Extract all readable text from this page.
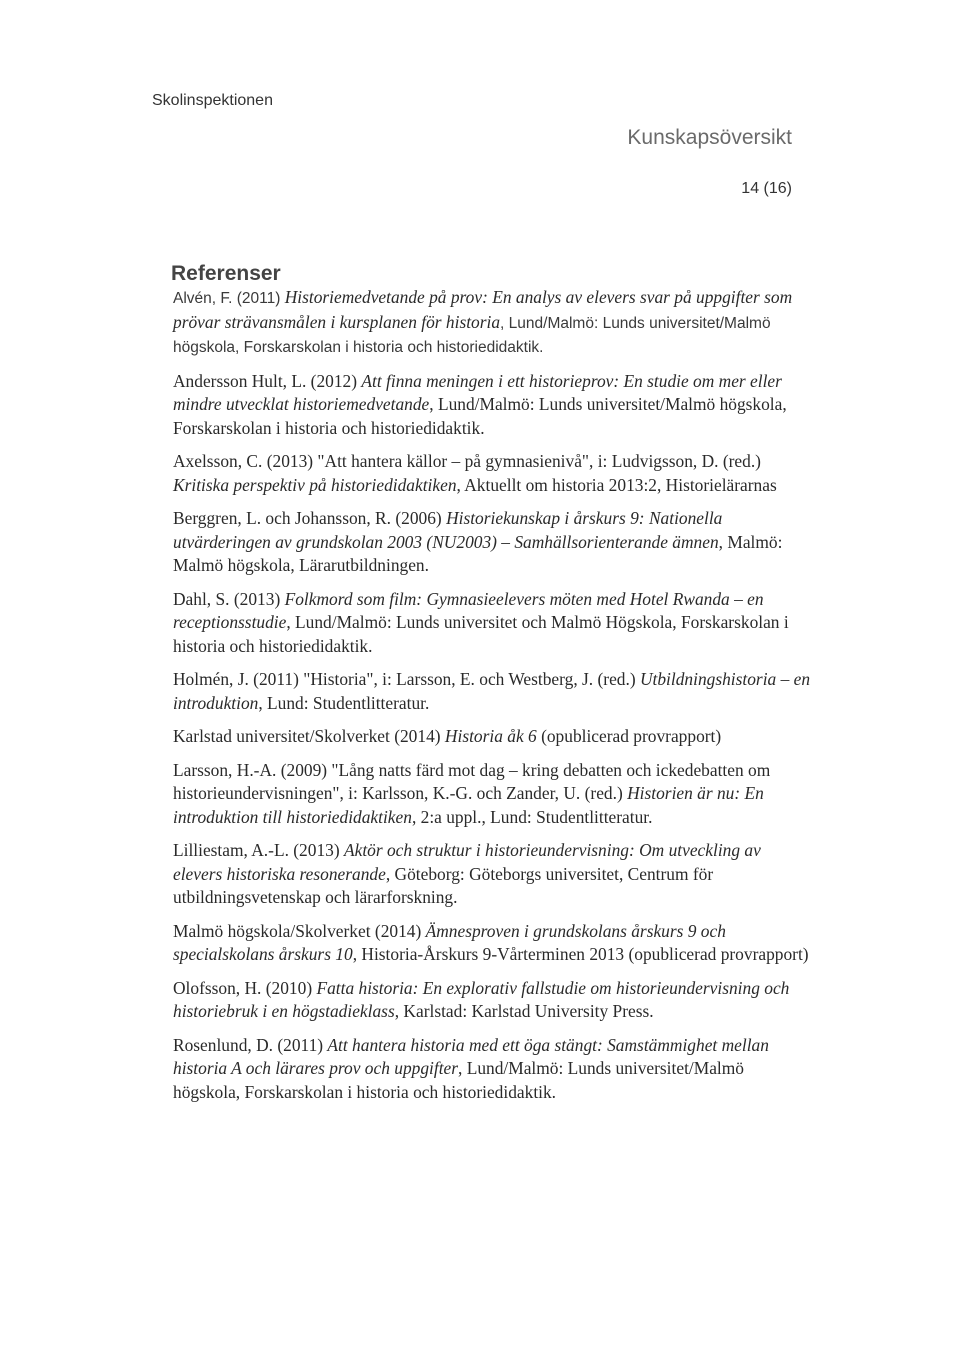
Skolinspektionen
Kunskapsöversikt
14 (16)
Referenser

Alvén, F. (2011) Historiemedvetande på prov: En analys av elevers svar på uppgifter som prövar strävansmålen i kursplanen för historia, Lund/Malmö: Lunds universitet/Malmö högskola, Forskarskolan i historia och historiedidaktik.

Andersson Hult, L. (2012) Att finna meningen i ett historieprov: En studie om mer eller mindre utvecklat historiemedvetande, Lund/Malmö: Lunds universitet/Malmö högskola, Forskarskolan i historia och historiedidaktik.

Axelsson, C. (2013) "Att hantera källor – på gymnasienivå", i: Ludvigsson, D. (red.) Kritiska perspektiv på historiedidaktiken, Aktuellt om historia 2013:2, Historielärarnas

Berggren, L. och Johansson, R. (2006) Historiekunskap i årskurs 9: Nationella utvärderingen av grundskolan 2003 (NU2003) – Samhällsorienterande ämnen, Malmö: Malmö högskola, Lärarutbildningen.

Dahl, S. (2013) Folkmord som film: Gymnasieelevers möten med Hotel Rwanda – en receptionsstudie, Lund/Malmö: Lunds universitet och Malmö Högskola, Forskarskolan i historia och historiedidaktik.

Holmén, J. (2011) "Historia", i: Larsson, E. och Westberg, J. (red.) Utbildningshistoria – en introduktion, Lund: Studentlitteratur.

Karlstad universitet/Skolverket (2014) Historia åk 6 (opublicerad provrapport)

Larsson, H.-A. (2009) "Lång natts färd mot dag – kring debatten och ickedebatten om historieundervisningen", i: Karlsson, K.-G. och Zander, U. (red.) Historien är nu: En introduktion till historiedidaktiken, 2:a uppl., Lund: Studentlitteratur.

Lilliestam, A.-L. (2013) Aktör och struktur i historieundervisning: Om utveckling av elevers historiska resonerande, Göteborg: Göteborgs universitet, Centrum för utbildningsvetenskap och lärarforskning.

Malmö högskola/Skolverket (2014) Ämnesproven i grundskolans årskurs 9 och specialskolans årskurs 10, Historia-Årskurs 9-Vårterminen 2013 (opublicerad provrapport)

Olofsson, H. (2010) Fatta historia: En explorativ fallstudie om historieundervisning och historiebruk i en högstadieklass, Karlstad: Karlstad University Press.

Rosenlund, D. (2011) Att hantera historia med ett öga stängt: Samstämmighet mellan historia A och lärares prov och uppgifter, Lund/Malmö: Lunds universitet/Malmö högskola, Forskarskolan i historia och historiedidaktik.
